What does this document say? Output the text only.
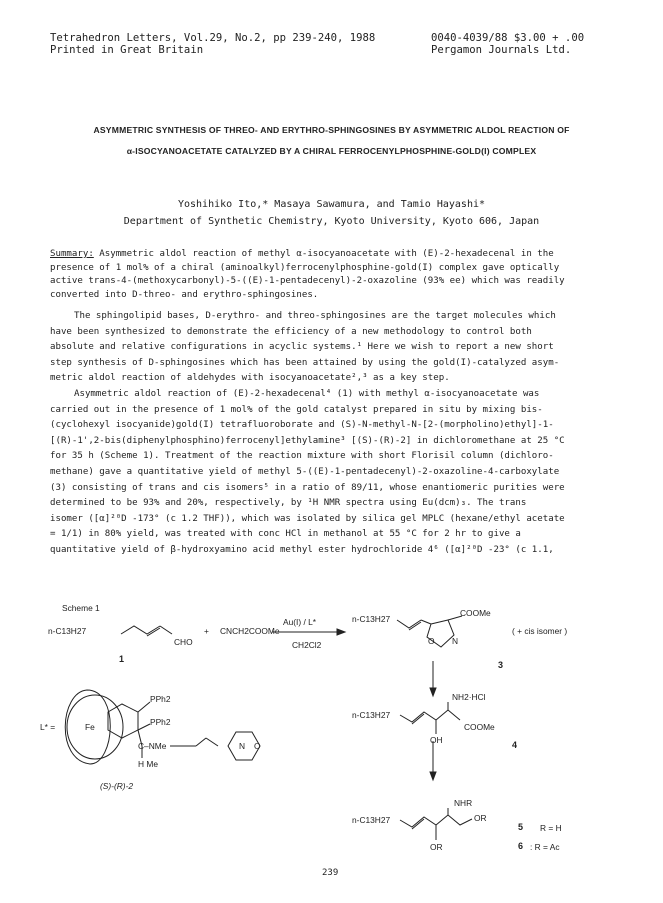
Tetrahedron Letters, Vol.29, No.2, pp 239-240, 1988
Printed in Great Britain
0040-4039/88 $3.00 + .00
Pergamon Journals Ltd.
ASYMMETRIC SYNTHESIS OF THREO- AND ERYTHRO-SPHINGOSINES BY ASYMMETRIC ALDOL REACTION OF
α-ISOCYANOACETATE CATALYZED BY A CHIRAL FERROCENYLPHOSPHINE-GOLD(I) COMPLEX
Yoshihiko Ito,* Masaya Sawamura, and Tamio Hayashi*
Department of Synthetic Chemistry, Kyoto University, Kyoto 606, Japan
Summary: Asymmetric aldol reaction of methyl α-isocyanoacetate with (E)-2-hexadecenal in the
presence of 1 mol% of a chiral (aminoalkyl)ferrocenylphosphine-gold(I) complex gave optically
active trans-4-(methoxycarbonyl)-5-((E)-1-pentadecenyl)-2-oxazoline (93% ee) which was readily
converted into D-threo- and erythro-sphingosines.
The sphingolipid bases, D-erythro- and threo-sphingosines are the target molecules which
have been synthesized to demonstrate the efficiency of a new methodology to control both
absolute and relative configurations in acyclic systems.¹ Here we wish to report a new short
step synthesis of D-sphingosines which has been attained by using the gold(I)-catalyzed asym-
metric aldol reaction of aldehydes with isocyanoacetate²,³ as a key step.
Asymmetric aldol reaction of (E)-2-hexadecenal⁴ (1) with methyl α-isocyanoacetate was
carried out in the presence of 1 mol% of the gold catalyst prepared in situ by mixing bis-
(cyclohexyl isocyanide)gold(I) tetrafluoroborate and (S)-N-methyl-N-[2-(morpholino)ethyl]-1-
[(R)-1',2-bis(diphenylphosphino)ferrocenyl]ethylamine³ [(S)-(R)-2] in dichloromethane at 25 °C
for 35 h (Scheme 1). Treatment of the reaction mixture with short Florisil column (dichloro-
methane) gave a quantitative yield of methyl 5-((E)-1-pentadecenyl)-2-oxazoline-4-carboxylate
(3) consisting of trans and cis isomers⁵ in a ratio of 89/11, whose enantiomeric purities were
determined to be 93% and 20%, respectively, by ¹H NMR spectra using Eu(dcm)₃. The trans
isomer ([α]²⁰D -173° (c 1.2 THF)), which was isolated by silica gel MPLC (hexane/ethyl acetate
= 1/1) in 80% yield, was treated with conc HCl in methanol at 55 °C for 2 hr to give a
quantitative yield of β-hydroxyamino acid methyl ester hydrochloride 4⁶ ([α]²⁰D -23° (c 1.1,
Scheme 1
n-C13H27
CHO
+ CNCH2COOMe
Au(I) / L*
CH2Cl2
1
n-C13H27
COOMe
O N
( + cis isomer )
3
NH2·HCl
n-C13H27
COOMe
OH	4
NHR
n-C13H27	OR
OR
5 R = H
6 : R = Ac
L* =	Fe
PPh2
PPh2
C–NMe
H Me
N O
(S)-(R)-2
239
